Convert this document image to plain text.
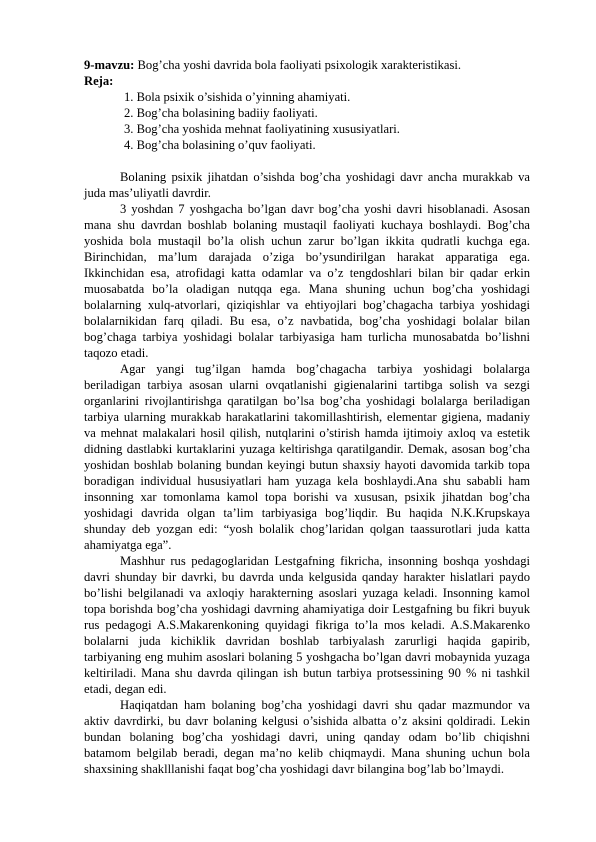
9-mavzu: Bog’cha yoshi davrida bola faoliyati psixologik xarakteristikasi.

Reja:

1. Bola psixik o’sishida o’yinning ahamiyati.
2. Bog’cha bolasining badiiy faoliyati.
3. Bog’cha yoshida mehnat faoliyatining xususiyatlari.
4. Bog’cha bolasining o’quv faoliyati.

Bolaning psixik jihatdan o’sishda bog’cha yoshidagi davr ancha murakkab va juda mas’uliyatli davrdir.

3 yoshdan 7 yoshgacha bo’lgan davr bog’cha yoshi davri hisoblanadi. Asosan mana shu davrdan boshlab bolaning mustaqil faoliyati kuchaya boshlaydi. Bog’cha yoshida bola mustaqil bo’la olish uchun zarur bo’lgan ikkita qudratli kuchga ega. Birinchidan, ma’lum darajada o’ziga bo’ysundirilgan harakat apparatiga ega. Ikkinchidan esa, atrofidagi katta odamlar va o’z tengdoshlari bilan bir qadar erkin muosabatda bo’la oladigan nutqqa ega. Mana shuning uchun bog’cha yoshidagi bolalarning xulq-atvorlari, qiziqishlar va ehtiyojlari bog’chagacha tarbiya yoshidagi bolalarnikidan farq qiladi. Bu esa, o’z navbatida, bog’cha yoshidagi bolalar bilan bog’chaga tarbiya yoshidagi bolalar tarbiyasiga ham turlicha munosabatda bo’lishni taqozo etadi.

Agar yangi tug’ilgan hamda bog’chagacha tarbiya yoshidagi bolalarga beriladigan tarbiya asosan ularni ovqatlanishi gigienalarini tartibga solish va sezgi organlarini rivojlantirishga qaratilgan bo’lsa bog’cha yoshidagi bolalarga beriladigan tarbiya ularning murakkab harakatlarini takomillashtirish, elementar gigiena, madaniy va mehnat malakalari hosil qilish, nutqlarini o’stirish hamda ijtimoiy axloq va estetik didning dastlabki kurtaklarini yuzaga keltirishga qaratilgandir. Demak, asosan bog’cha yoshidan boshlab bolaning bundan keyingi butun shaxsiy hayoti davomida tarkib topa boradigan individual hususiyatlari ham yuzaga kela boshlaydi.Ana shu sababli ham insonning xar tomonlama kamol topa borishi va xususan, psixik jihatdan bog’cha yoshidagi davrida olgan ta’lim tarbiyasiga bog’liqdir. Bu haqida N.K.Krupskaya shunday deb yozgan edi: “yosh bolalik chog’laridan qolgan taassurotlari juda katta ahamiyatga ega”.

Mashhur rus pedagoglaridan Lestgafning fikricha, insonning boshqa yoshdagi davri shunday bir davrki, bu davrda unda kelgusida qanday harakter hislatlari paydo bo’lishi belgilanadi va axloqiy harakterning asoslari yuzaga keladi. Insonning kamol topa borishda bog’cha yoshidagi davrning ahamiyatiga doir Lestgafning bu fikri buyuk rus pedagogi A.S.Makarenkoning quyidagi fikriga to’la mos keladi. A.S.Makarenko bolalarni juda kichiklik davridan boshlab tarbiyalash zarurligi haqida gapirib, tarbiyaning eng muhim asoslari bolaning 5 yoshgacha bo’lgan davri mobaynida yuzaga keltiriladi. Mana shu davrda qilingan ish butun tarbiya protsessining 90 % ni tashkil etadi, degan edi.

Haqiqatdan ham bolaning bog’cha yoshidagi davri shu qadar mazmundor va aktiv davrdirki, bu davr bolaning kelgusi o’sishida albatta o’z aksini qoldiradi. Lekin bundan bolaning bog’cha yoshidagi davri, uning qanday odam bo’lib chiqishni batamom belgilab beradi, degan ma’no kelib chiqmaydi. Mana shuning uchun bola shaxsining shaklllanishi faqat bog’cha yoshidagi davr bilangina bog’lab bo’lmaydi.
